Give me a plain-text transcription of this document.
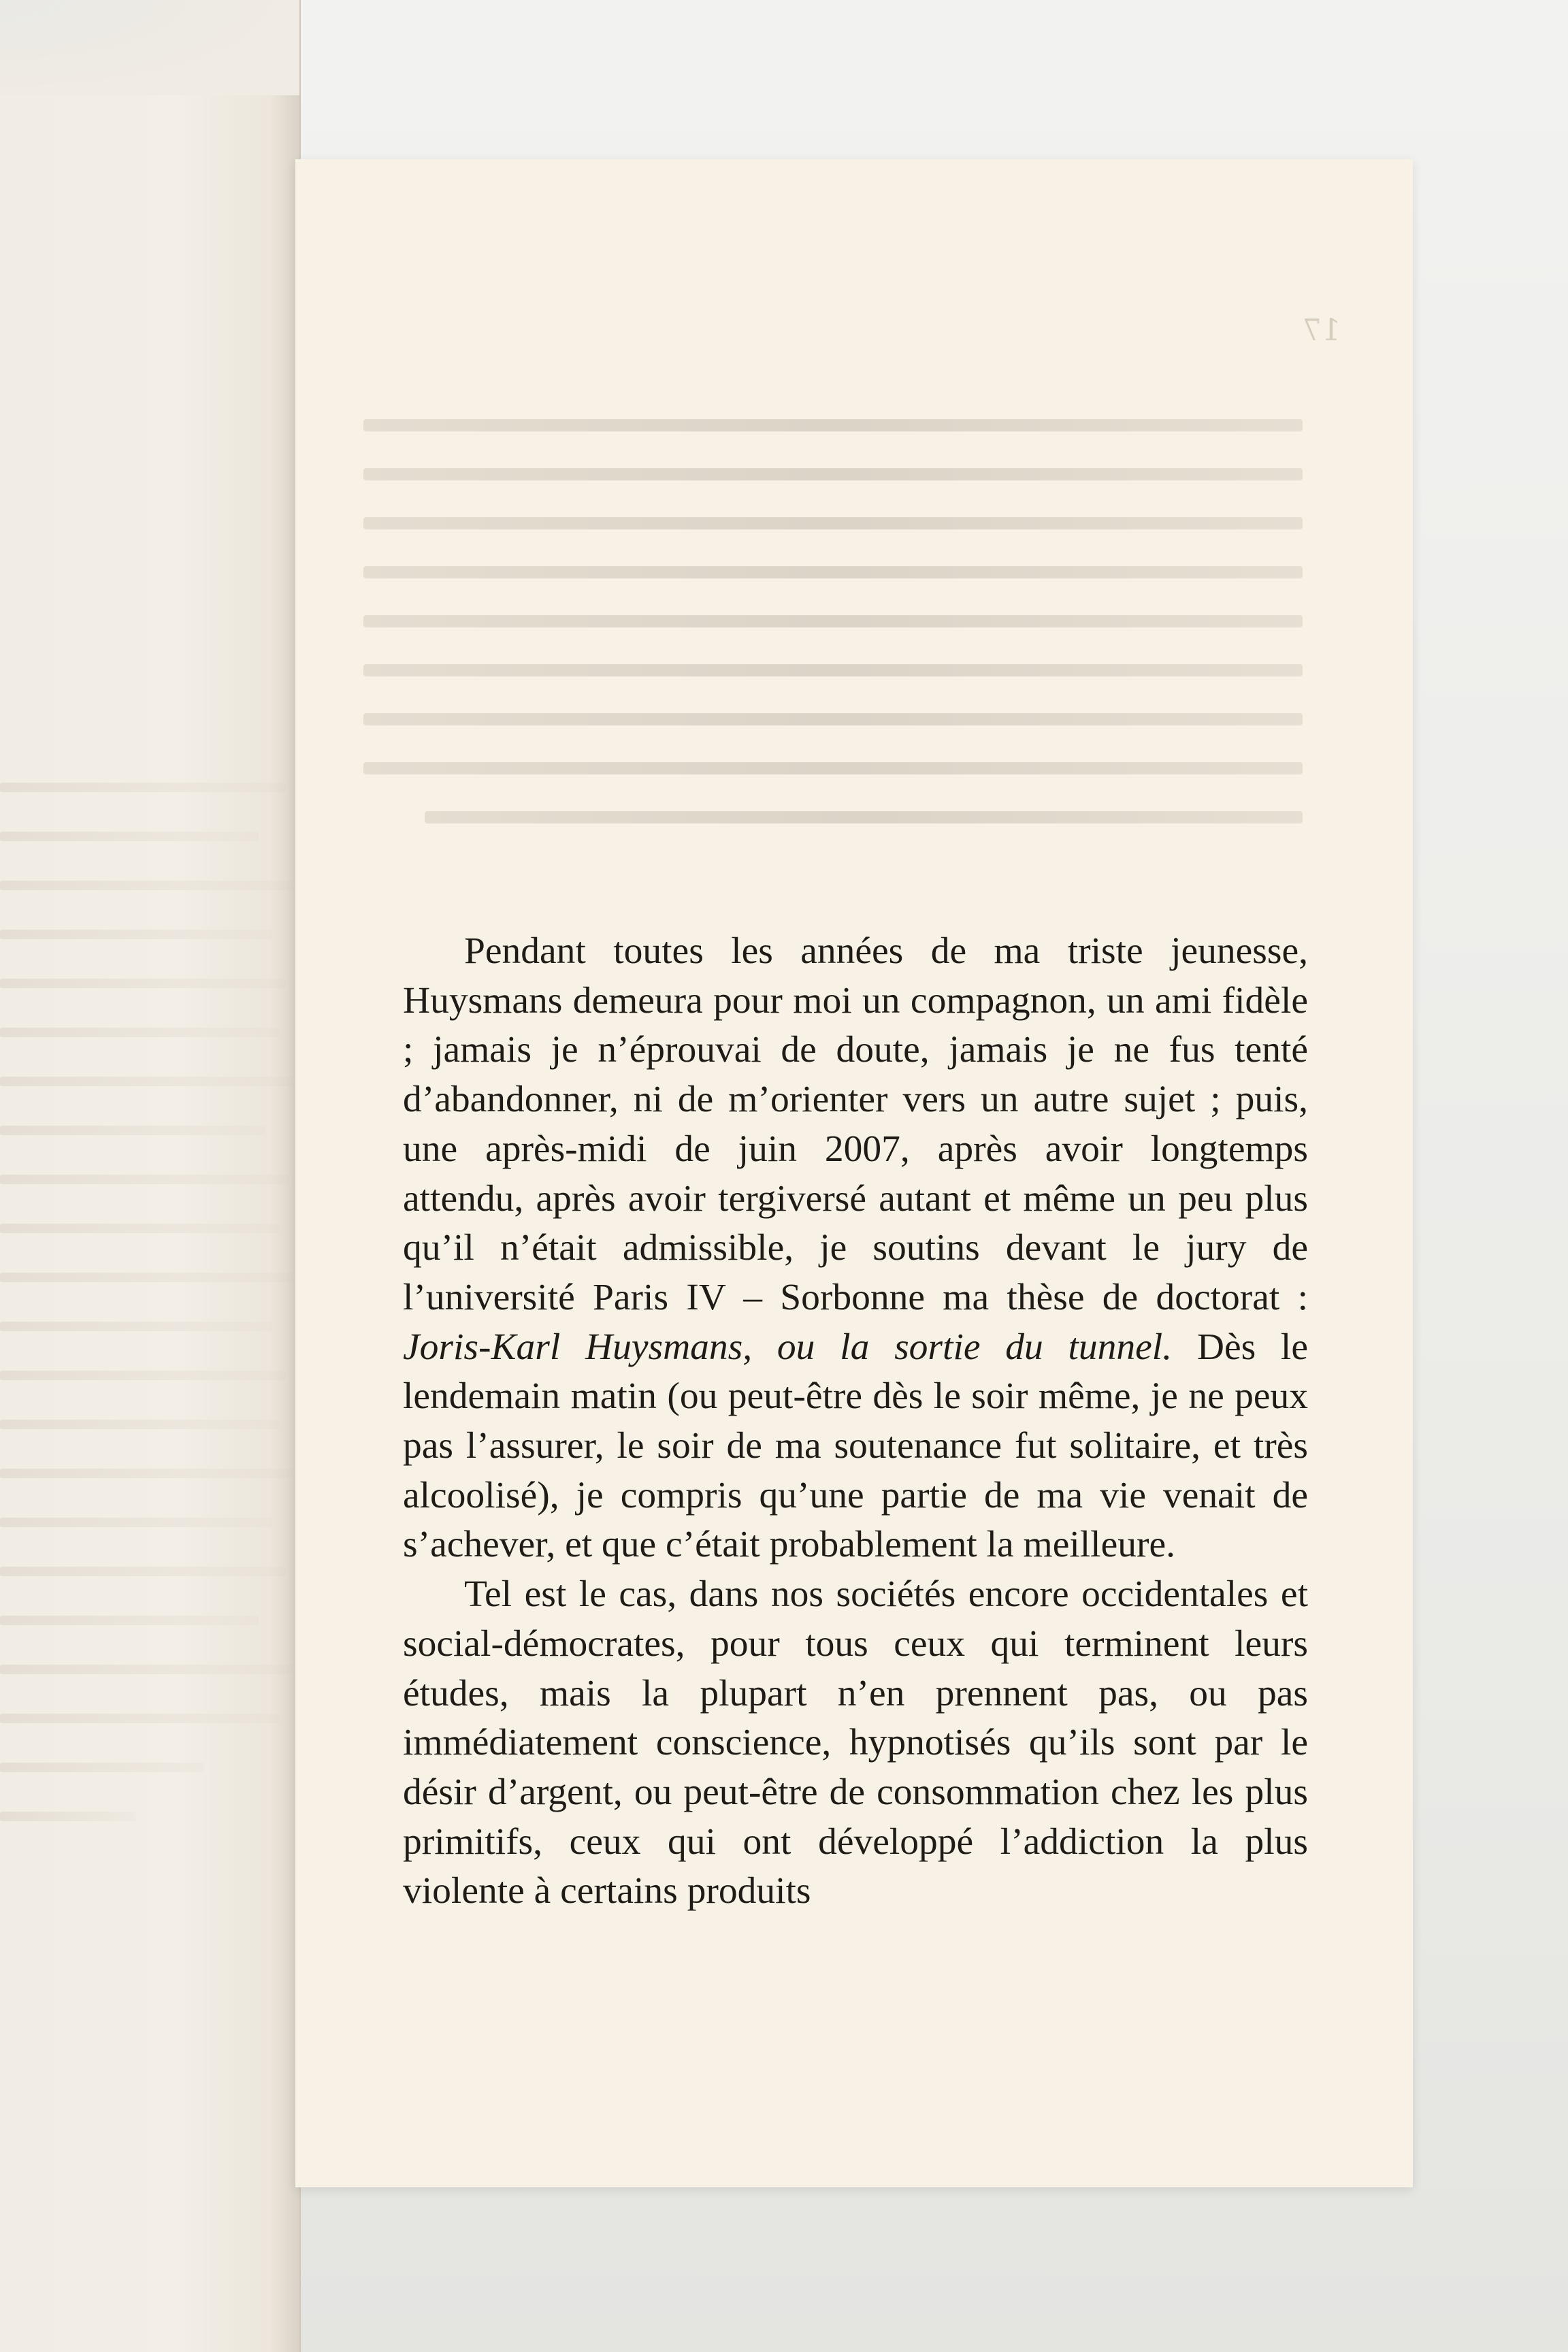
17

Pendant toutes les années de ma triste jeunesse, Huysmans demeura pour moi un compagnon, un ami fidèle ; jamais je n’éprouvai de doute, jamais je ne fus tenté d’abandonner, ni de m’orienter vers un autre sujet ; puis, une après-midi de juin 2007, après avoir longtemps attendu, après avoir tergiversé autant et même un peu plus qu’il n’était admissible, je soutins devant le jury de l’université Paris IV – Sorbonne ma thèse de doctorat : Joris-Karl Huysmans, ou la sortie du tunnel. Dès le lendemain matin (ou peut-être dès le soir même, je ne peux pas l’assurer, le soir de ma soutenance fut solitaire, et très alcoolisé), je compris qu’une partie de ma vie venait de s’achever, et que c’était probablement la meilleure.

Tel est le cas, dans nos sociétés encore occidentales et social-démocrates, pour tous ceux qui terminent leurs études, mais la plupart n’en prennent pas, ou pas immédiatement conscience, hypnotisés qu’ils sont par le désir d’argent, ou peut-être de consommation chez les plus primitifs, ceux qui ont développé l’addiction la plus violente à certains produits
